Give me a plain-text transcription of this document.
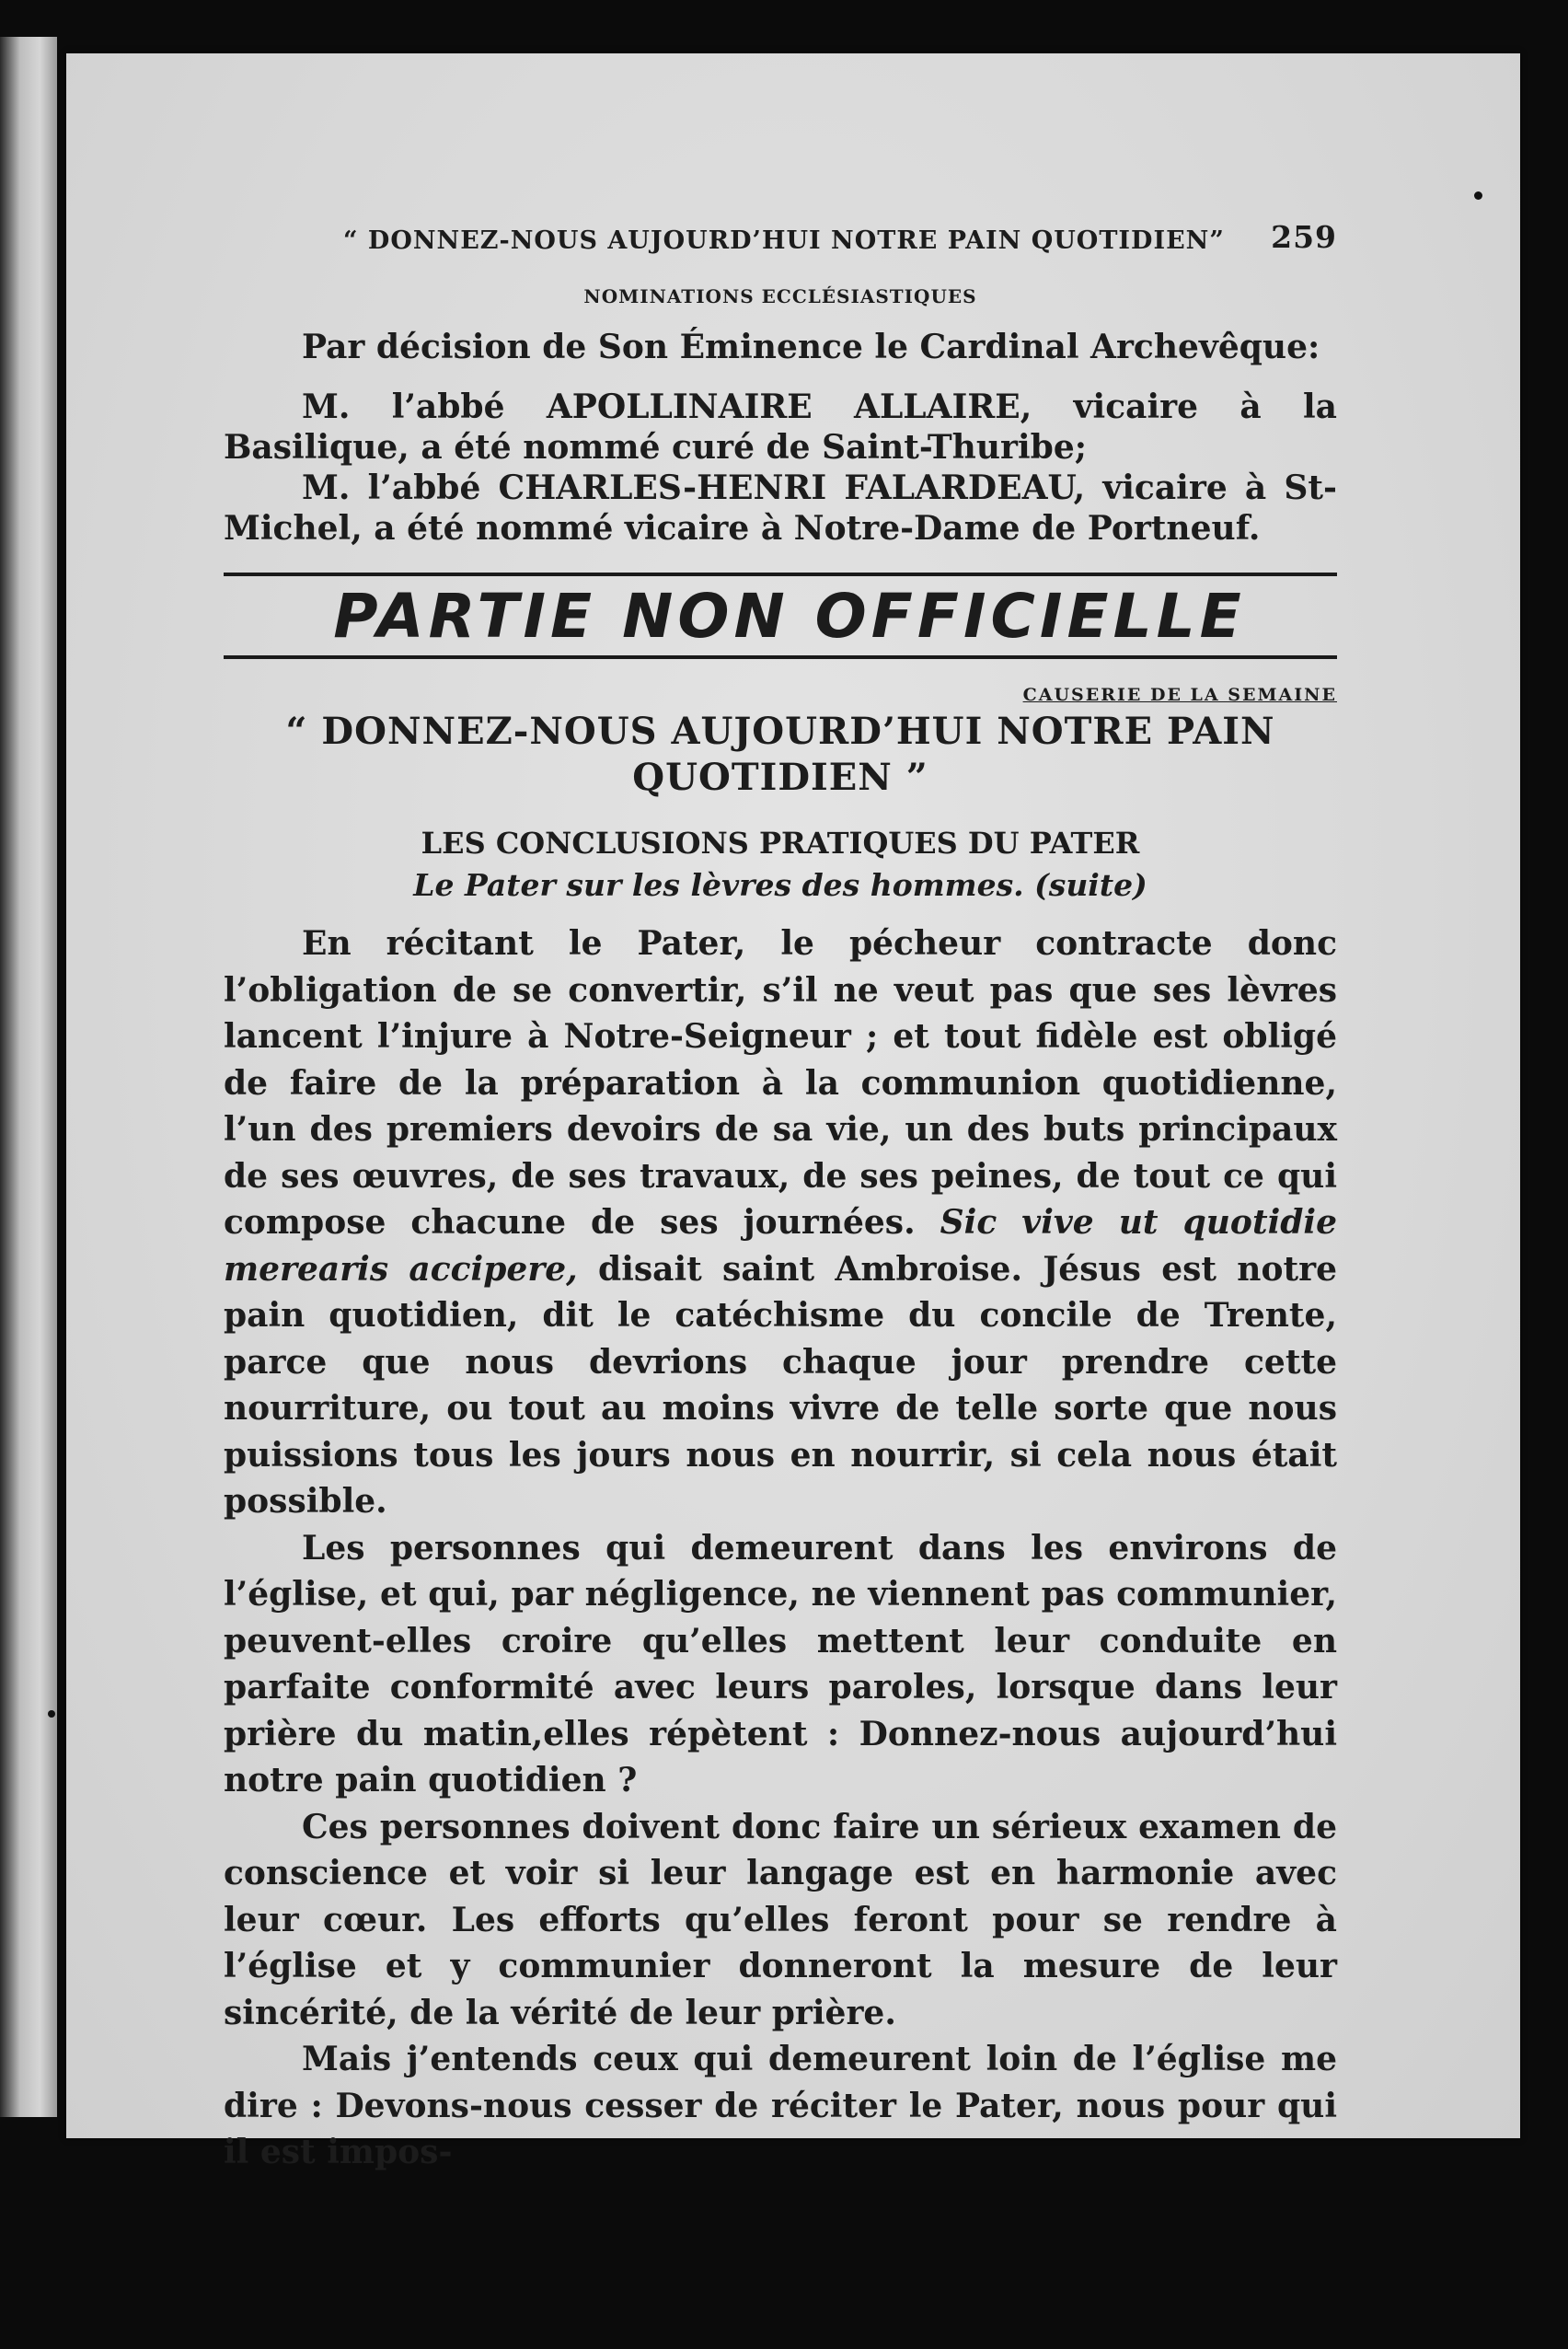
“ DONNEZ-NOUS AUJOURD’HUI NOTRE PAIN QUOTIDIEN” 259
NOMINATIONS ECCLÉSIASTIQUES
Par décision de Son Éminence le Cardinal Archevêque:
M. l’abbé APOLLINAIRE ALLAIRE, vicaire à la Basilique, a été nommé curé de Saint-Thuribe;
M. l’abbé CHARLES-HENRI FALARDEAU, vicaire à St-Michel, a été nommé vicaire à Notre-Dame de Portneuf.
PARTIE NON OFFICIELLE
CAUSERIE DE LA SEMAINE
“ DONNEZ-NOUS AUJOURD’HUI NOTRE PAIN QUOTIDIEN ”
LES CONCLUSIONS PRATIQUES DU PATER
Le Pater sur les lèvres des hommes. (suite)
En récitant le Pater, le pécheur contracte donc l’obligation de se convertir, s’il ne veut pas que ses lèvres lancent l’injure à Notre-Seigneur ; et tout fidèle est obligé de faire de la préparation à la communion quotidienne, l’un des premiers devoirs de sa vie, un des buts principaux de ses œuvres, de ses travaux, de ses peines, de tout ce qui compose chacune de ses journées. Sic vive ut quotidie merearis accipere, disait saint Ambroise. Jésus est notre pain quotidien, dit le catéchisme du concile de Trente, parce que nous devrions chaque jour prendre cette nourriture, ou tout au moins vivre de telle sorte que nous puissions tous les jours nous en nourrir, si cela nous était possible.
Les personnes qui demeurent dans les environs de l’église, et qui, par négligence, ne viennent pas communier, peuvent-elles croire qu’elles mettent leur conduite en parfaite conformité avec leurs paroles, lorsque dans leur prière du matin,elles répètent : Donnez-nous aujourd’hui notre pain quotidien ?
Ces personnes doivent donc faire un sérieux examen de conscience et voir si leur langage est en harmonie avec leur cœur. Les efforts qu’elles feront pour se rendre à l’église et y communier donneront la mesure de leur sincérité, de la vérité de leur prière.
Mais j’entends ceux qui demeurent loin de l’église me dire : Devons-nous cesser de réciter le Pater, nous pour qui il est impos-
